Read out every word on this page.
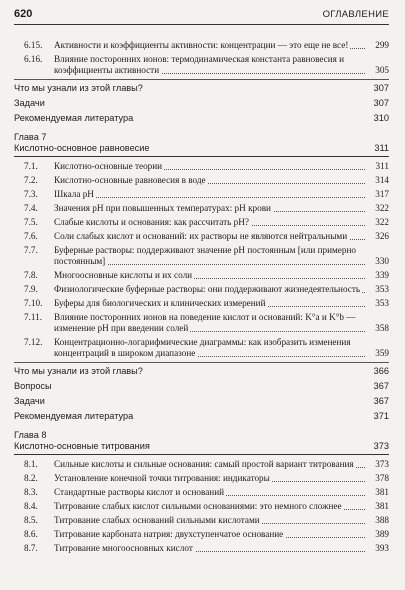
620	ОГЛАВЛЕНИЕ
6.15. Активности и коэффициенты активности: концентрации — это еще не все!	299
6.16. Влияние посторонних ионов: термодинамическая константа равновесия и коэффициенты активности	305
Что мы узнали из этой главы?	307
Задачи	307
Рекомендуемая литература	310
Глава 7
Кислотно-основное равновесие	311
7.1. Кислотно-основные теории	311
7.2. Кислотно-основные равновесия в воде	314
7.3. Шкала pH	317
7.4. Значения pH при повышенных температурах: pH крови	322
7.5. Слабые кислоты и основания: как рассчитать pH?	322
7.6. Соли слабых кислот и оснований: их растворы не являются нейтральными	326
7.7. Буферные растворы: поддерживают значение pH постоянным [или примерно постоянным]	330
7.8. Многоосновные кислоты и их соли	339
7.9. Физиологические буферные растворы: они поддерживают жизнедеятельность 353
7.10. Буферы для биологических и клинических измерений	353
7.11. Влияние посторонних ионов на поведение кислот и оснований: K°a и K°b — изменение pH при введении солей	358
7.12. Концентрационно-логарифмические диаграммы: как изобразить изменения концентраций в широком диапазоне	359
Что мы узнали из этой главы?	366
Вопросы	367
Задачи	367
Рекомендуемая литература	371
Глава 8
Кислотно-основные титрования	373
8.1. Сильные кислоты и сильные основания: самый простой вариант титрования 373
8.2. Установление конечной точки титрования: индикаторы	378
8.3. Стандартные растворы кислот и оснований	381
8.4. Титрование слабых кислот сильными основаниями: это немного сложнее	381
8.5. Титрование слабых оснований сильными кислотами	388
8.6. Титрование карбоната натрия: двухступенчатое основание	389
8.7. Титрование многоосновных кислот	393
